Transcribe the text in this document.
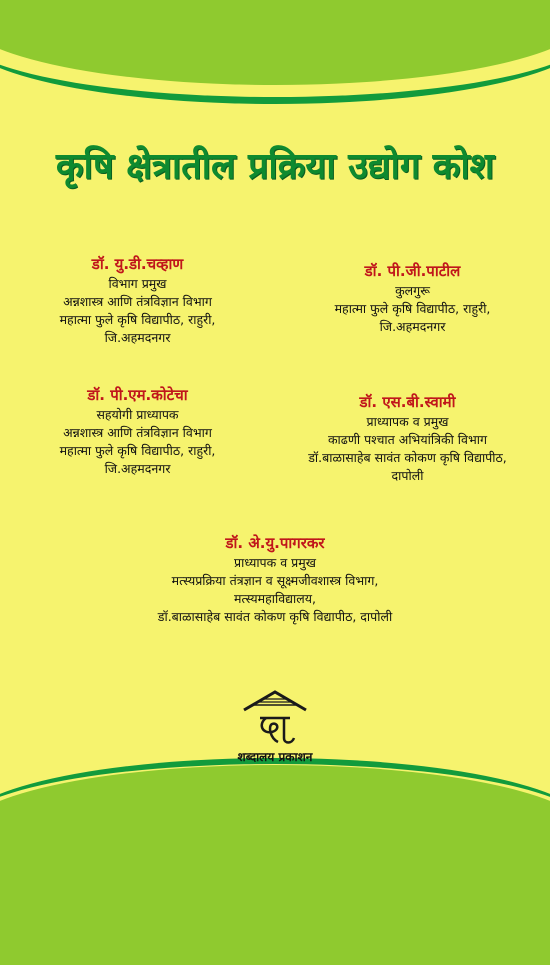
कृषि क्षेत्रातील प्रक्रिया उद्योग कोश
डॉ. यु.डी.चव्हाण
विभाग प्रमुख
अन्नशास्त्र आणि तंत्रविज्ञान विभाग
महात्मा फुले कृषि विद्यापीठ, राहुरी,
जि.अहमदनगर
डॉ. पी.जी.पाटील
कुलगुरू
महात्मा फुले कृषि विद्यापीठ, राहुरी,
जि.अहमदनगर
डॉ. पी.एम.कोटेचा
सहयोगी प्राध्यापक
अन्नशास्त्र आणि तंत्रविज्ञान विभाग
महात्मा फुले कृषि विद्यापीठ, राहुरी,
जि.अहमदनगर
डॉ. एस.बी.स्वामी
प्राध्यापक व प्रमुख
काढणी पश्चात अभियांत्रिकी विभाग
डॉ.बाळासाहेब सावंत कोकण कृषि विद्यापीठ,
दापोली
डॉ. अे.यु.पागरकर
प्राध्यापक व प्रमुख
मत्स्यप्रक्रिया तंत्रज्ञान व सूक्ष्मजीवशास्त्र विभाग,
मत्स्यमहाविद्यालय,
डॉ.बाळासाहेब सावंत कोकण कृषि विद्यापीठ, दापोली
शब्दालय प्रकाशन
